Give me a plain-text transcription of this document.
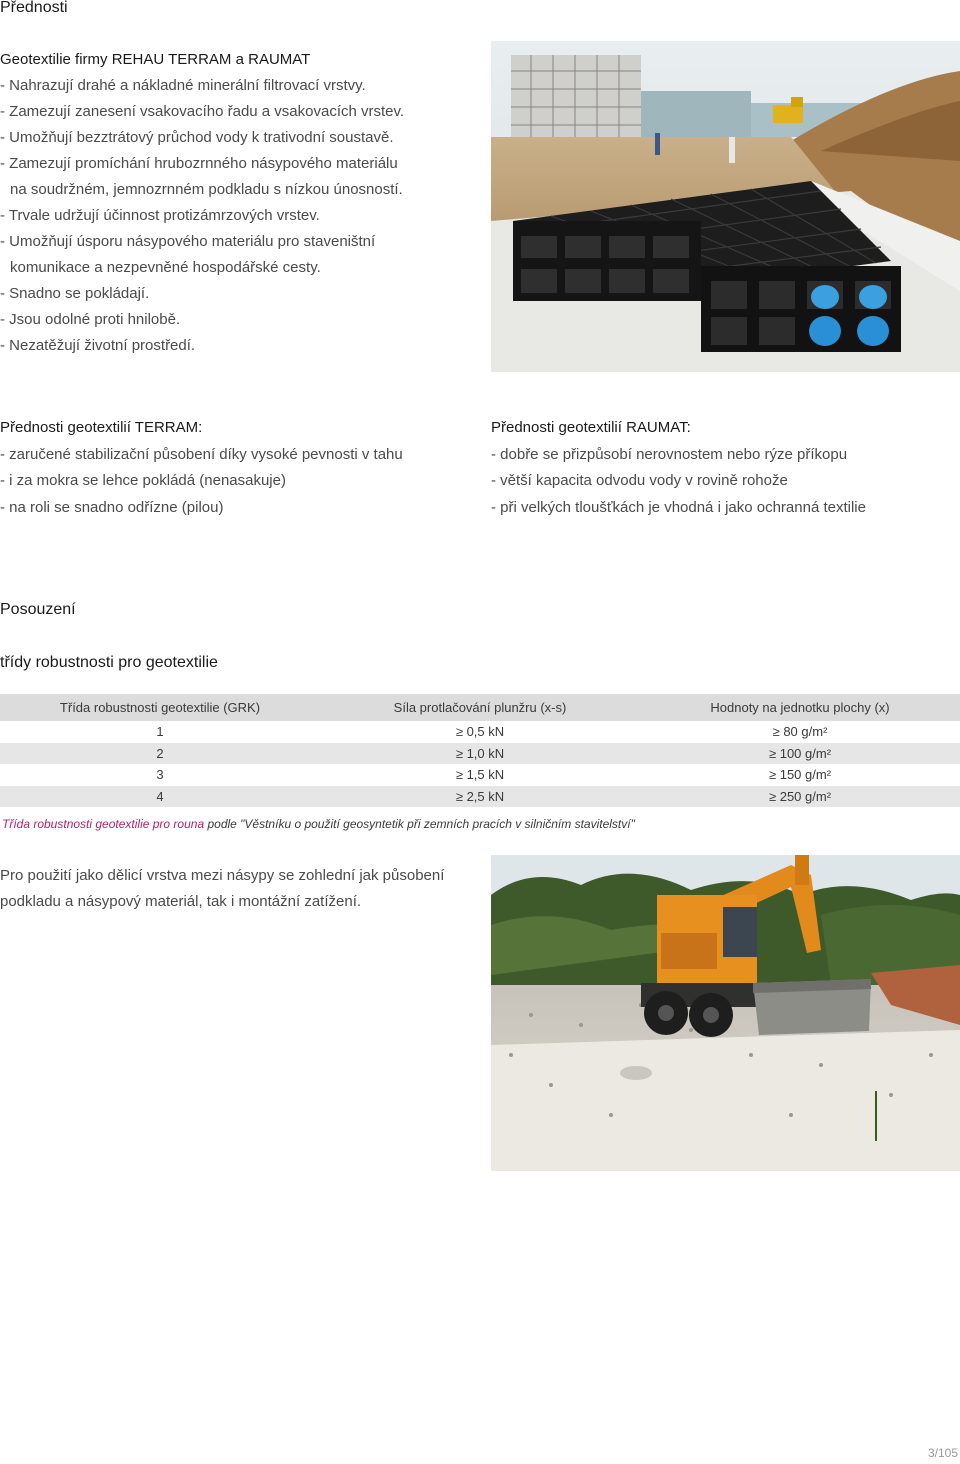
Přednosti
Geotextilie firmy REHAU TERRAM a RAUMAT
- Nahrazují drahé a nákladné minerální filtrovací vrstvy.
- Zamezují zanesení vsakovacího řadu a vsakovacích vrstev.
- Umožňují bezztrátový průchod vody k trativodní soustavě.
- Zamezují promíchání hrubozrnného násypového materiálu
na soudržném, jemnozrnném podkladu s nízkou únosností.
- Trvale udržují účinnost protizámrzových vrstev.
- Umožňují úsporu násypového materiálu pro staveništní
komunikace a nezpevněné hospodářské cesty.
- Snadno se pokládají.
- Jsou odolné proti hnilobě.
- Nezatěžují životní prostředí.
Přednosti geotextilií TERRAM:
- zaručené stabilizační působení díky vysoké pevnosti v tahu
- i za mokra se lehce pokládá (nenasakuje)
- na roli se snadno odřízne (pilou)
Přednosti geotextilií RAUMAT:
- dobře se přizpůsobí nerovnostem nebo rýze příkopu
- větší kapacita odvodu vody v rovině rohože
- při velkých tloušťkách je vhodná i jako ochranná textilie
Posouzení
třídy robustnosti pro geotextilie
Třída robustnosti geotextilie (GRK)	Síla protlačování plunžru (x-s)	Hodnoty na jednotku plochy (x)
1	≥ 0,5 kN	≥ 80 g/m²
2	≥ 1,0 kN	≥ 100 g/m²
3	≥ 1,5 kN	≥ 150 g/m²
4	≥ 2,5 kN	≥ 250 g/m²
Třída robustnosti geotextilie pro rouna podle "Věstníku o použití geosyntetik při zemních pracích v silničním stavitelství"
Pro použití jako dělicí vrstva mezi násypy se zohlední jak působení
podkladu a násypový materiál, tak i montážní zatížení.
3/105
